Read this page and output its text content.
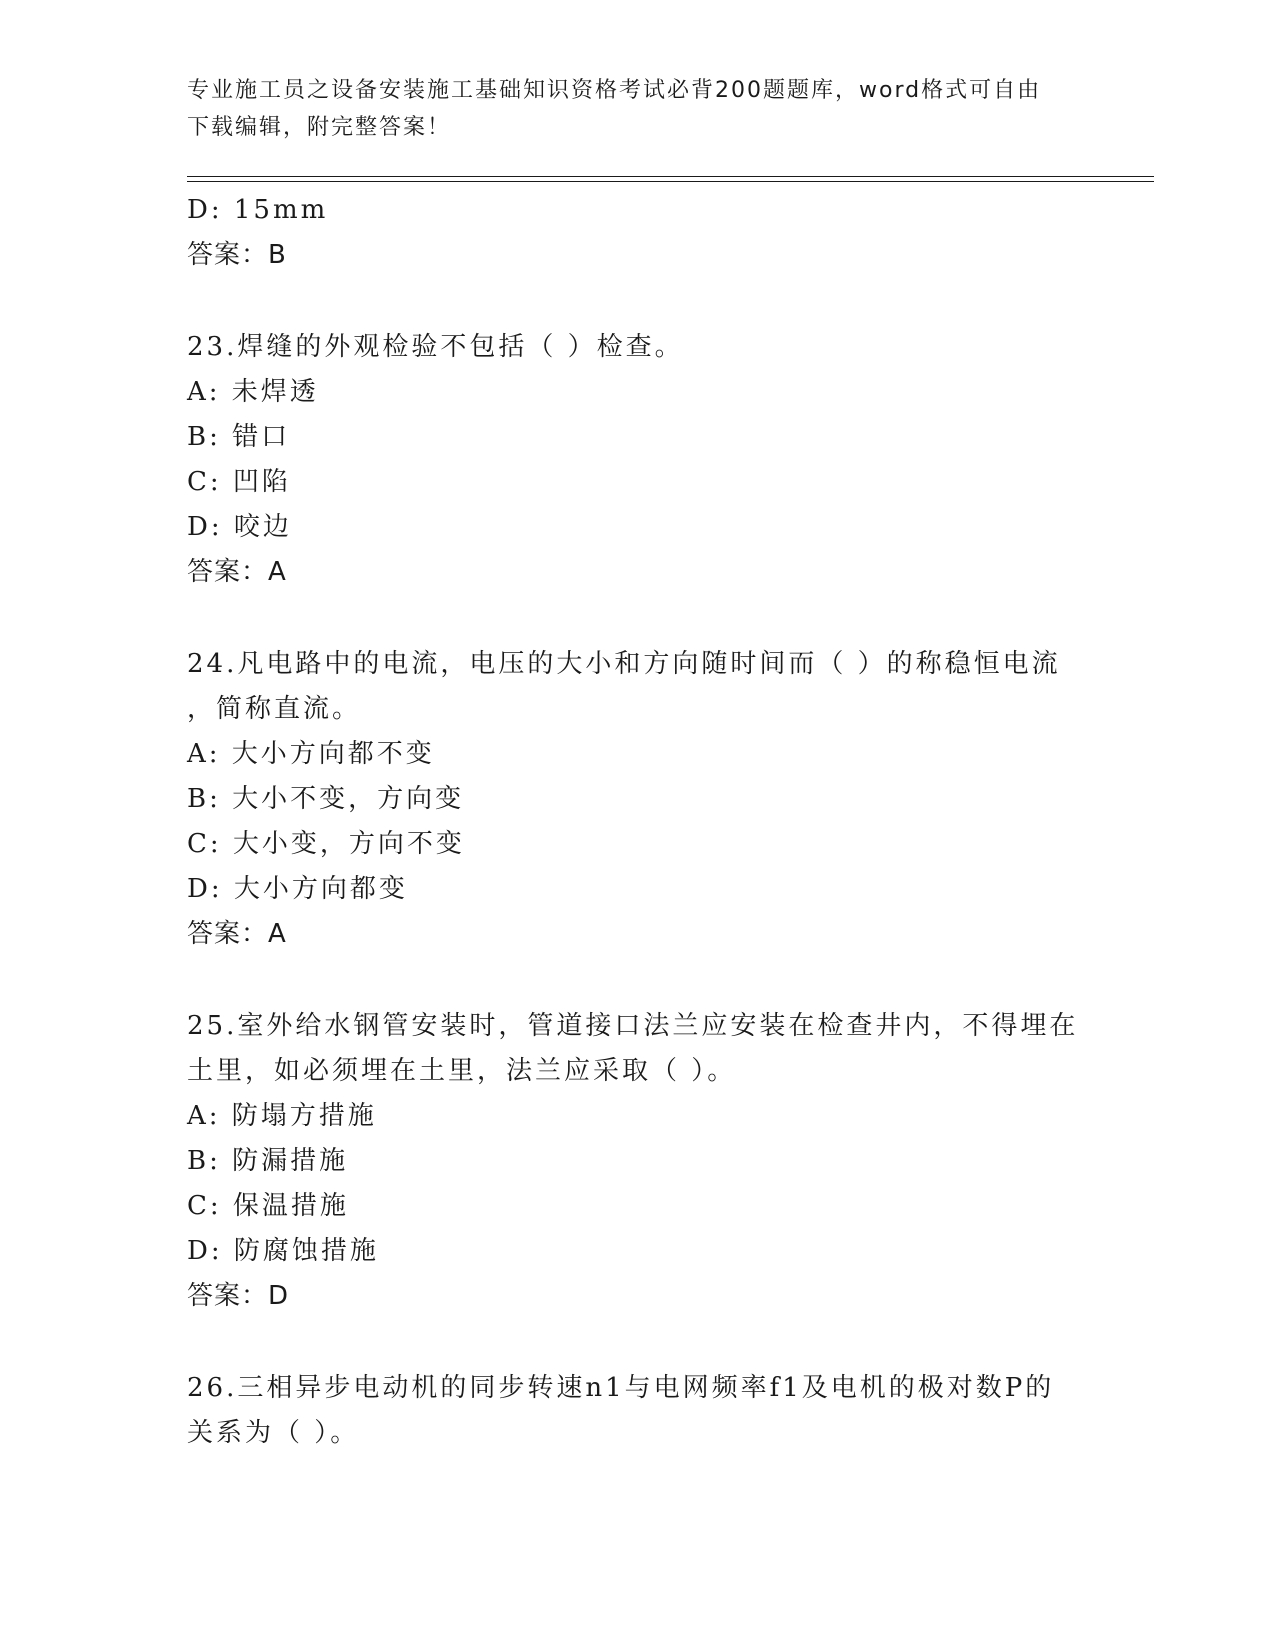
专业施工员之设备安装施工基础知识资格考试必背200题题库，word格式可自由
下载编辑，附完整答案！
D: 15mm
答案：B
23.焊缝的外观检验不包括（ ）检查。
A: 未焊透
B: 错口
C: 凹陷
D: 咬边
答案：A
24.凡电路中的电流，电压的大小和方向随时间而（ ）的称稳恒电流
，简称直流。
A: 大小方向都不变
B: 大小不变，方向变
C: 大小变，方向不变
D: 大小方向都变
答案：A
25.室外给水钢管安装时，管道接口法兰应安装在检查井内，不得埋在
土里，如必须埋在土里，法兰应采取（ ）。
A: 防塌方措施
B: 防漏措施
C: 保温措施
D: 防腐蚀措施
答案：D
26.三相异步电动机的同步转速n1与电网频率f1及电机的极对数P的
关系为（ ）。
